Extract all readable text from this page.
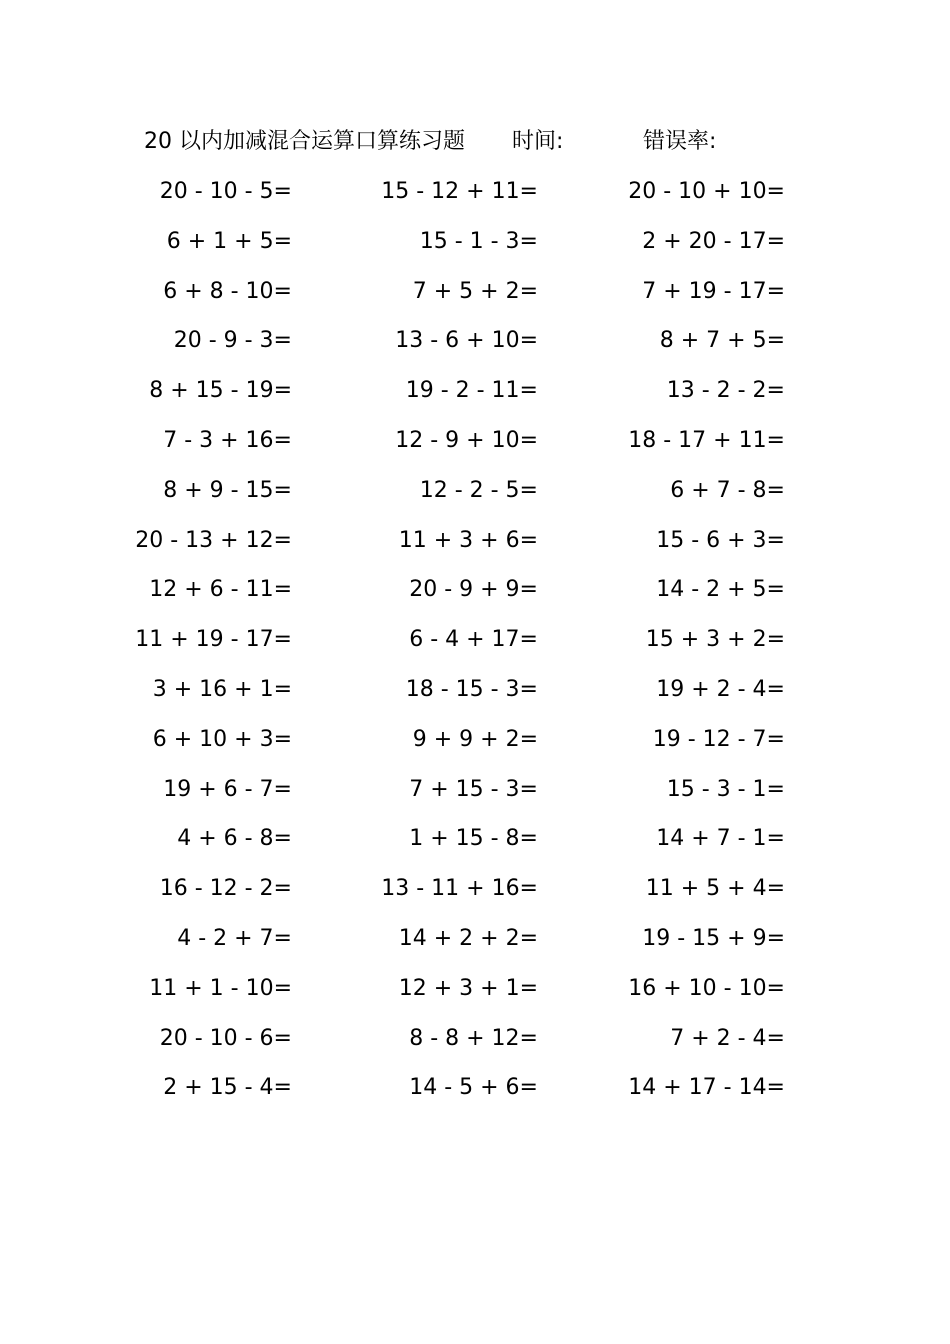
20 以内加减混合运算口算练习题 时间:	错误率:
20 - 10 - 5=	15 - 12 + 11=	20 - 10 + 10=
6 + 1 + 5=	15 - 1 - 3=	2 + 20 - 17=
6 + 8 - 10=	7 + 5 + 2=	7 + 19 - 17=
20 - 9 - 3=	13 - 6 + 10=	8 + 7 + 5=
8 + 15 - 19=	19 - 2 - 11=	13 - 2 - 2=
7 - 3 + 16=	12 - 9 + 10=	18 - 17 + 11=
8 + 9 - 15=	12 - 2 - 5=	6 + 7 - 8=
20 - 13 + 12=	11 + 3 + 6=	15 - 6 + 3=
12 + 6 - 11=	20 - 9 + 9=	14 - 2 + 5=
11 + 19 - 17=	6 - 4 + 17=	15 + 3 + 2=
3 + 16 + 1=	18 - 15 - 3=	19 + 2 - 4=
6 + 10 + 3=	9 + 9 + 2=	19 - 12 - 7=
19 + 6 - 7=	7 + 15 - 3=	15 - 3 - 1=
4 + 6 - 8=	1 + 15 - 8=	14 + 7 - 1=
16 - 12 - 2=	13 - 11 + 16=	11 + 5 + 4=
4 - 2 + 7=	14 + 2 + 2=	19 - 15 + 9=
11 + 1 - 10=	12 + 3 + 1=	16 + 10 - 10=
20 - 10 - 6=	8 - 8 + 12=	7 + 2 - 4=
2 + 15 - 4=	14 - 5 + 6=	14 + 17 - 14=
